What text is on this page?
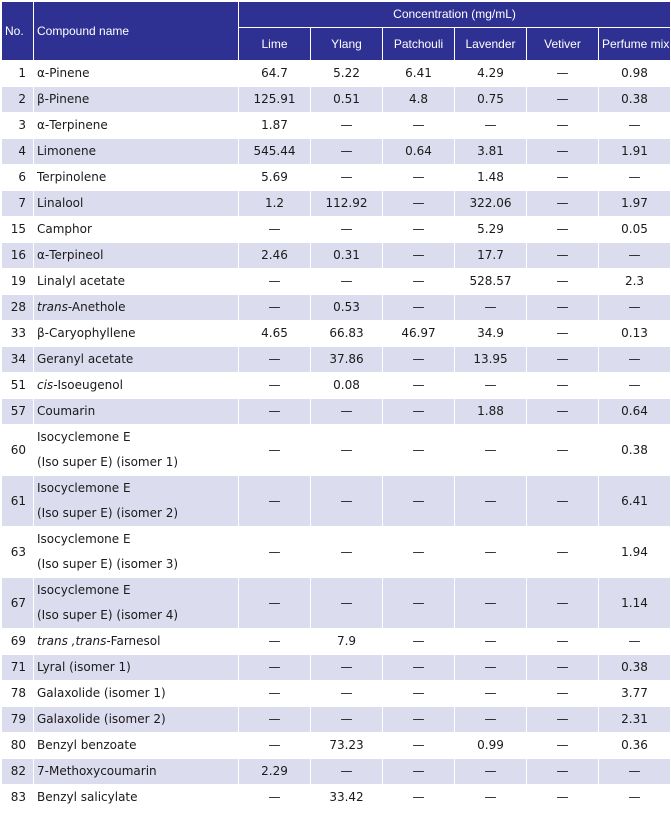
No.	Compound name	Concentration (mg/mL)					
		Lime	Ylang	Patchouli	Lavender	Vetiver	Perfume mix
1	α-Pinene	64.7	5.22	6.41	4.29	—	0.98
2	β-Pinene	125.91	0.51	4.8	0.75	—	0.38
3	α-Terpinene	1.87	—	—	—	—	—
4	Limonene	545.44	—	0.64	3.81	—	1.91
6	Terpinolene	5.69	—	—	1.48	—	—
7	Linalool	1.2	112.92	—	322.06	—	1.97
15	Camphor	—	—	—	5.29	—	0.05
16	α-Terpineol	2.46	0.31	—	17.7	—	—
19	Linalyl acetate	—	—	—	528.57	—	2.3
28	trans-Anethole	—	0.53	—	—	—	—
33	β-Caryophyllene	4.65	66.83	46.97	34.9	—	0.13
34	Geranyl acetate	—	37.86	—	13.95	—	—
51	cis-Isoeugenol	—	0.08	—	—	—	—
57	Coumarin	—	—	—	1.88	—	0.64
60	Isocyclemone E
(Iso super E) (isomer 1)	—	—	—	—	—	0.38
61	Isocyclemone E
(Iso super E) (isomer 2)	—	—	—	—	—	6.41
63	Isocyclemone E
(Iso super E) (isomer 3)	—	—	—	—	—	1.94
67	Isocyclemone E
(Iso super E) (isomer 4)	—	—	—	—	—	1.14
69	trans ,trans-Farnesol	—	7.9	—	—	—	—
71	Lyral (isomer 1)	—	—	—	—	—	0.38
78	Galaxolide (isomer 1)	—	—	—	—	—	3.77
79	Galaxolide (isomer 2)	—	—	—	—	—	2.31
80	Benzyl benzoate	—	73.23	—	0.99	—	0.36
82	7-Methoxycoumarin	2.29	—	—	—	—	—
83	Benzyl salicylate	—	33.42	—	—	—	—
